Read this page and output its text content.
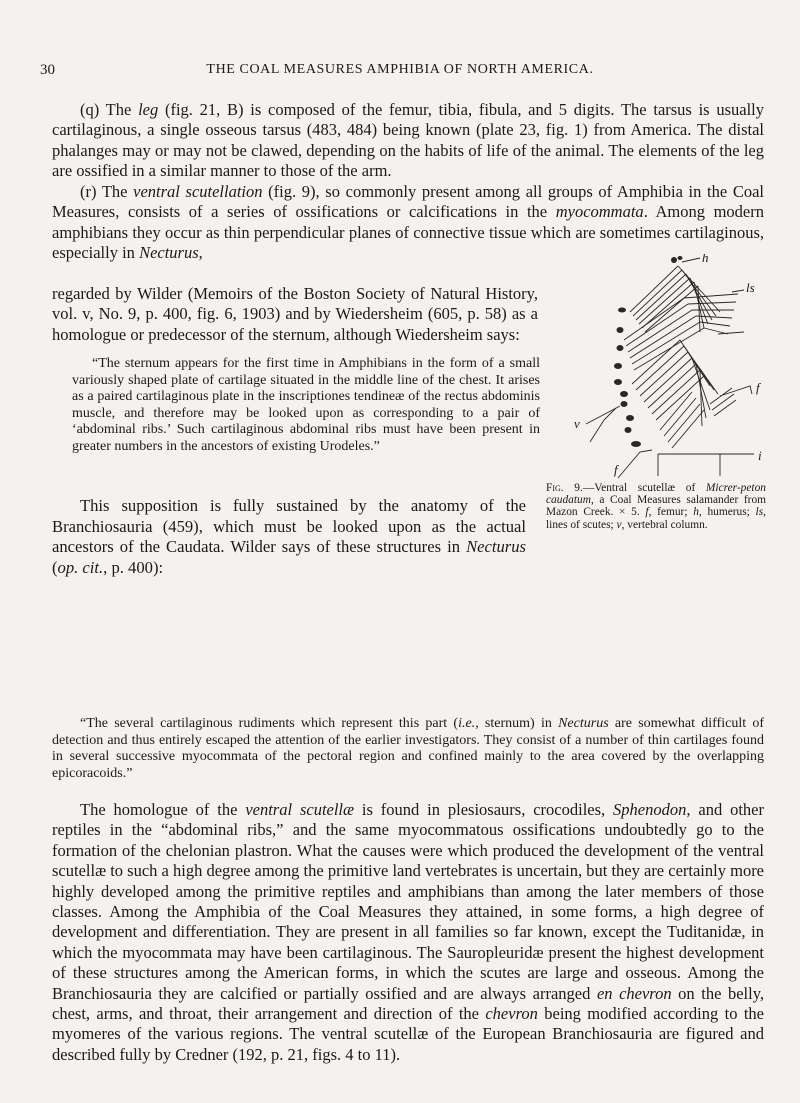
30	THE COAL MEASURES AMPHIBIA OF NORTH AMERICA.

(q) The leg (fig. 21, B) is composed of the femur, tibia, fibula, and 5 digits. The tarsus is usually cartilaginous, a single osseous tarsus (483, 484) being known (plate 23, fig. 1) from America. The distal phalanges may or may not be clawed, depending on the habits of life of the animal. The elements of the leg are ossified in a similar manner to those of the arm.

(r) The ventral scutellation (fig. 9), so commonly present among all groups of Amphibia in the Coal Measures, consists of a series of ossifications or calcifications in the myocommata. Among modern amphibians they occur as thin perpendicular planes of connective tissue which are sometimes cartilaginous, especially in Necturus,

regarded by Wilder (Memoirs of the Boston Society of Natural History, vol. v, No. 9, p. 400, fig. 6, 1903) and by Wiedersheim (605, p. 58) as a homologue or predecessor of the sternum, although Wiedersheim says:

“The sternum appears for the first time in Amphibians in the form of a small variously shaped plate of cartilage situated in the middle line of the chest. It arises as a paired cartilaginous plate in the inscriptiones tendineæ of the rectus abdominis muscle, and therefore may be looked upon as corresponding to a pair of ‘abdominal ribs.’ Such cartilaginous abdominal ribs must have been present in greater numbers in the ancestors of existing Urodeles.”

This supposition is fully sustained by the anatomy of the Branchiosauria (459), which must be looked upon as the actual ancestors of the Caudata. Wilder says of these structures in Necturus (op. cit., p. 400):

h
ls
f
v
i
f

Fig. 9.—Ventral scutellæ of Micrer-peton caudatum, a Coal Measures salamander from Mazon Creek. × 5. f, femur; h, humerus; ls, lines of scutes; v, vertebral column.

“The several cartilaginous rudiments which represent this part (i.e., sternum) in Necturus are somewhat difficult of detection and thus entirely escaped the attention of the earlier investigators. They consist of a number of thin cartilages found in several successive myocommata of the pectoral region and confined mainly to the area covered by the overlapping epicoracoids.”

The homologue of the ventral scutellæ is found in plesiosaurs, crocodiles, Sphenodon, and other reptiles in the “abdominal ribs,” and the same myocommatous ossifications undoubtedly go to the formation of the chelonian plastron. What the causes were which produced the development of the ventral scutellæ to such a high degree among the primitive land vertebrates is uncertain, but they are certainly more highly developed among the primitive reptiles and amphibians than among the later members of those classes. Among the Amphibia of the Coal Measures they attained, in some forms, a high degree of development and differentiation. They are present in all families so far known, except the Tuditanidæ, in which the myocommata may have been cartilaginous. The Sauropleuridæ present the highest development of these structures among the American forms, in which the scutes are large and osseous. Among the Branchiosauria they are calcified or partially ossified and are always arranged en chevron on the belly, chest, arms, and throat, their arrangement and direction of the chevron being modified according to the myomeres of the various regions. The ventral scutellæ of the European Branchiosauria are figured and described fully by Credner (192, p. 21, figs. 4 to 11).
